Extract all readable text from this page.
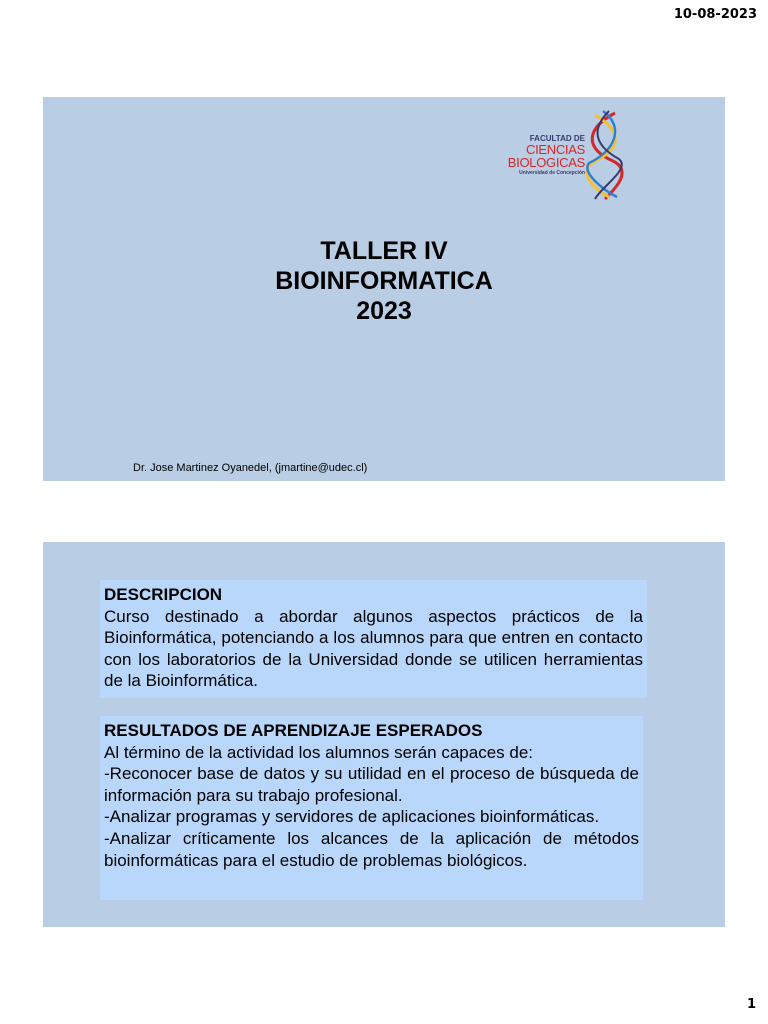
10-08-2023
FACULTAD DE
CIENCIAS
BIOLOGICAS
Universidad de Concepción
TALLER IV
BIOINFORMATICA
2023
Dr. Jose Martinez Oyanedel, (jmartine@udec.cl)
DESCRIPCION
Curso destinado a abordar algunos aspectos prácticos de la Bioinformática, potenciando a los alumnos para que entren en contacto con los laboratorios de la Universidad donde se utilicen herramientas de la Bioinformática.
RESULTADOS DE APRENDIZAJE ESPERADOS
Al término de la actividad los alumnos serán capaces de:
-Reconocer base de datos y su utilidad en el proceso de búsqueda de información para su trabajo profesional.
-Analizar programas y servidores de aplicaciones bioinformáticas.
-Analizar críticamente los alcances de la aplicación de métodos bioinformáticas para el estudio de problemas biológicos.
1
